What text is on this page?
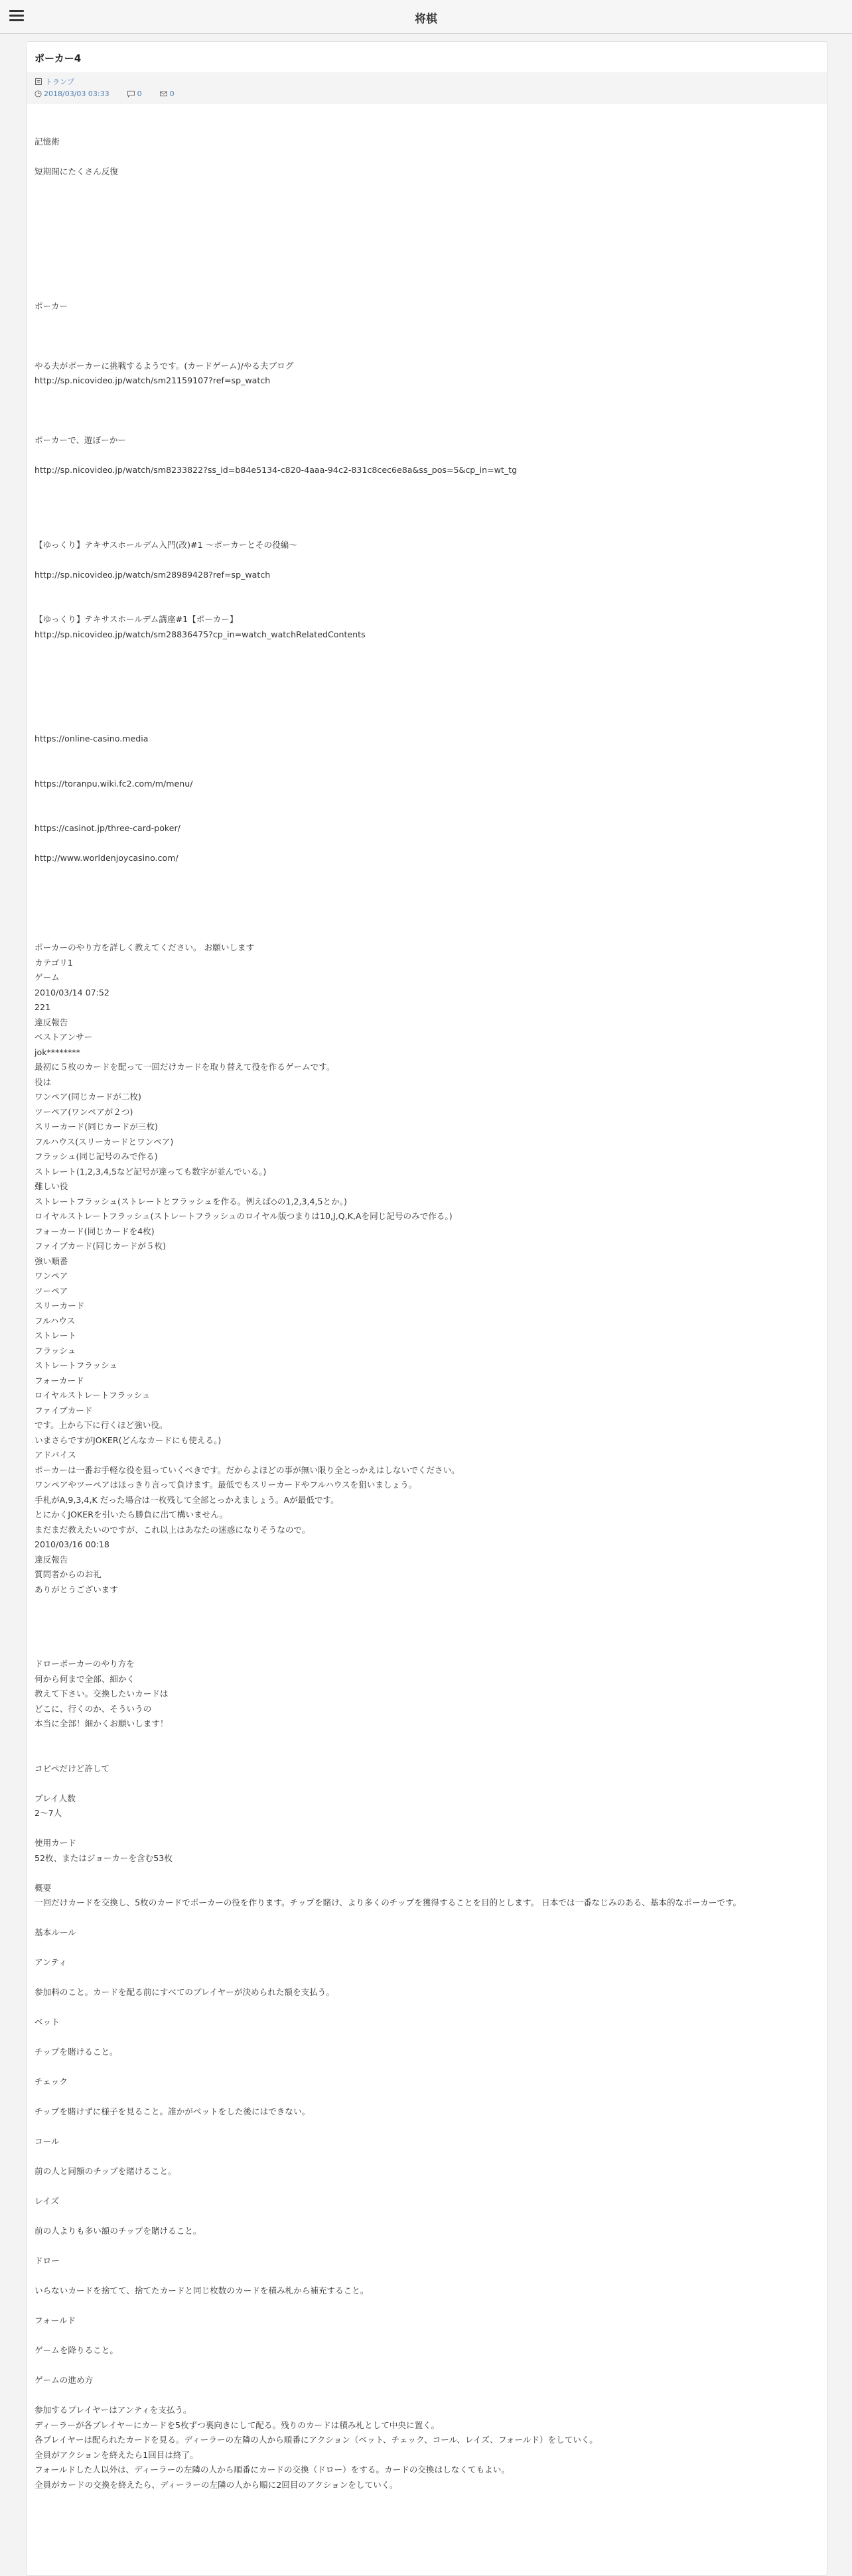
将棋
ポーカー4
トランプ
2018/03/03 03:33	0	0
記憶術

短期間にたくさん反復

ポーカー

やる夫がポーカーに挑戦するようです。(カードゲーム)/やる夫ブログ
http://sp.nicovideo.jp/watch/sm21159107?ref=sp_watch

ポーカーで、遊ぼーかー

http://sp.nicovideo.jp/watch/sm8233822?ss_id=b84e5134-c820-4aaa-94c2-831c8cec6e8a&ss_pos=5&cp_in=wt_tg

【ゆっくり】テキサスホールデム入門(改)#1 〜ポーカーとその役編〜

http://sp.nicovideo.jp/watch/sm28989428?ref=sp_watch

【ゆっくり】テキサスホールデム講座#1【ポーカー】
http://sp.nicovideo.jp/watch/sm28836475?cp_in=watch_watchRelatedContents

https://online-casino.media

https://toranpu.wiki.fc2.com/m/menu/

https://casinot.jp/three-card-poker/

http://www.worldenjoycasino.com/

ポーカーのやり方を詳しく教えてください。 お願いします
カテゴリ1
ゲーム
2010/03/14 07:52
221
違反報告
ベストアンサー
jok********
最初に５枚のカードを配って一回だけカードを取り替えて役を作るゲームです。
役は
ワンペア(同じカードが二枚)
ツーペア(ワンペアが２つ)
スリーカード(同じカードが三枚)
フルハウス(スリーカードとワンペア)
フラッシュ(同じ記号のみで作る)
ストレート(1,2,3,4,5など記号が違っても数字が並んでいる。)
難しい役
ストレートフラッシュ(ストレートとフラッシュを作る。例えば◇の1,2,3,4,5とか。)
ロイヤルストレートフラッシュ(ストレートフラッシュのロイヤル版つまりは10,J,Q,K,Aを同じ記号のみで作る。)
フォーカード(同じカードを4枚)
ファイブカード(同じカードが５枚)
強い順番
ワンペア
ツーペア
スリーカード
フルハウス
ストレート
フラッシュ
ストレートフラッシュ
フォーカード
ロイヤルストレートフラッシュ
ファイブカード
です。上から下に行くほど強い役。
いまさらですがJOKER(どんなカードにも使える。)
アドバイス
ポーカーは一番お手軽な役を狙っていくべきです。だからよほどの事が無い限り全とっかえはしないでください。
ワンペアやツーペアはほっきり言って負けます。最低でもスリーカードやフルハウスを狙いましょう。
手札がA,9,3,4,K だった場合は一枚残して全部とっかえましょう。Aが最低です。
とにかくJOKERを引いたら勝負に出て構いません。
まだまだ教えたいのですが、これ以上はあなたの迷惑になりそうなので。
2010/03/16 00:18
違反報告
質問者からのお礼
ありがとうございます

ドローポーカーのやり方を
何から何まで全部、細かく
教えて下さい。交換したいカードは
どこに、行くのか、そういうの
本当に全部！細かくお願いします！

コピペだけど許して

プレイ人数
2〜7人

使用カード
52枚、またはジョーカーを含む53枚

概要
一回だけカードを交換し、5枚のカードでポーカーの役を作ります。チップを賭け、より多くのチップを獲得することを目的とします。 日本では一番なじみのある、基本的なポーカーです。

基本ルール

アンティ

参加料のこと。カードを配る前にすべてのプレイヤーが決められた額を支払う。

ベット

チップを賭けること。

チェック

チップを賭けずに様子を見ること。誰かがベットをした後にはできない。

コール

前の人と同額のチップを賭けること。

レイズ

前の人よりも多い額のチップを賭けること。

ドロー

いらないカードを捨てて、捨てたカードと同じ枚数のカードを積み札から補充すること。

フォールド

ゲームを降りること。

ゲームの進め方

参加するプレイヤーはアンティを支払う。
ディーラーが各プレイヤーにカードを5枚ずつ裏向きにして配る。残りのカードは積み札として中央に置く。
各プレイヤーは配られたカードを見る。ディーラーの左隣の人から順番にアクション（ベット、チェック、コール、レイズ、フォールド）をしていく。
全員がアクションを終えたら1回目は終了。
フォールドした人以外は、ディーラーの左隣の人から順番にカードの交換（ドロー）をする。カードの交換はしなくてもよい。
全員がカードの交換を終えたら、ディーラーの左隣の人から順に2回目のアクションをしていく。
